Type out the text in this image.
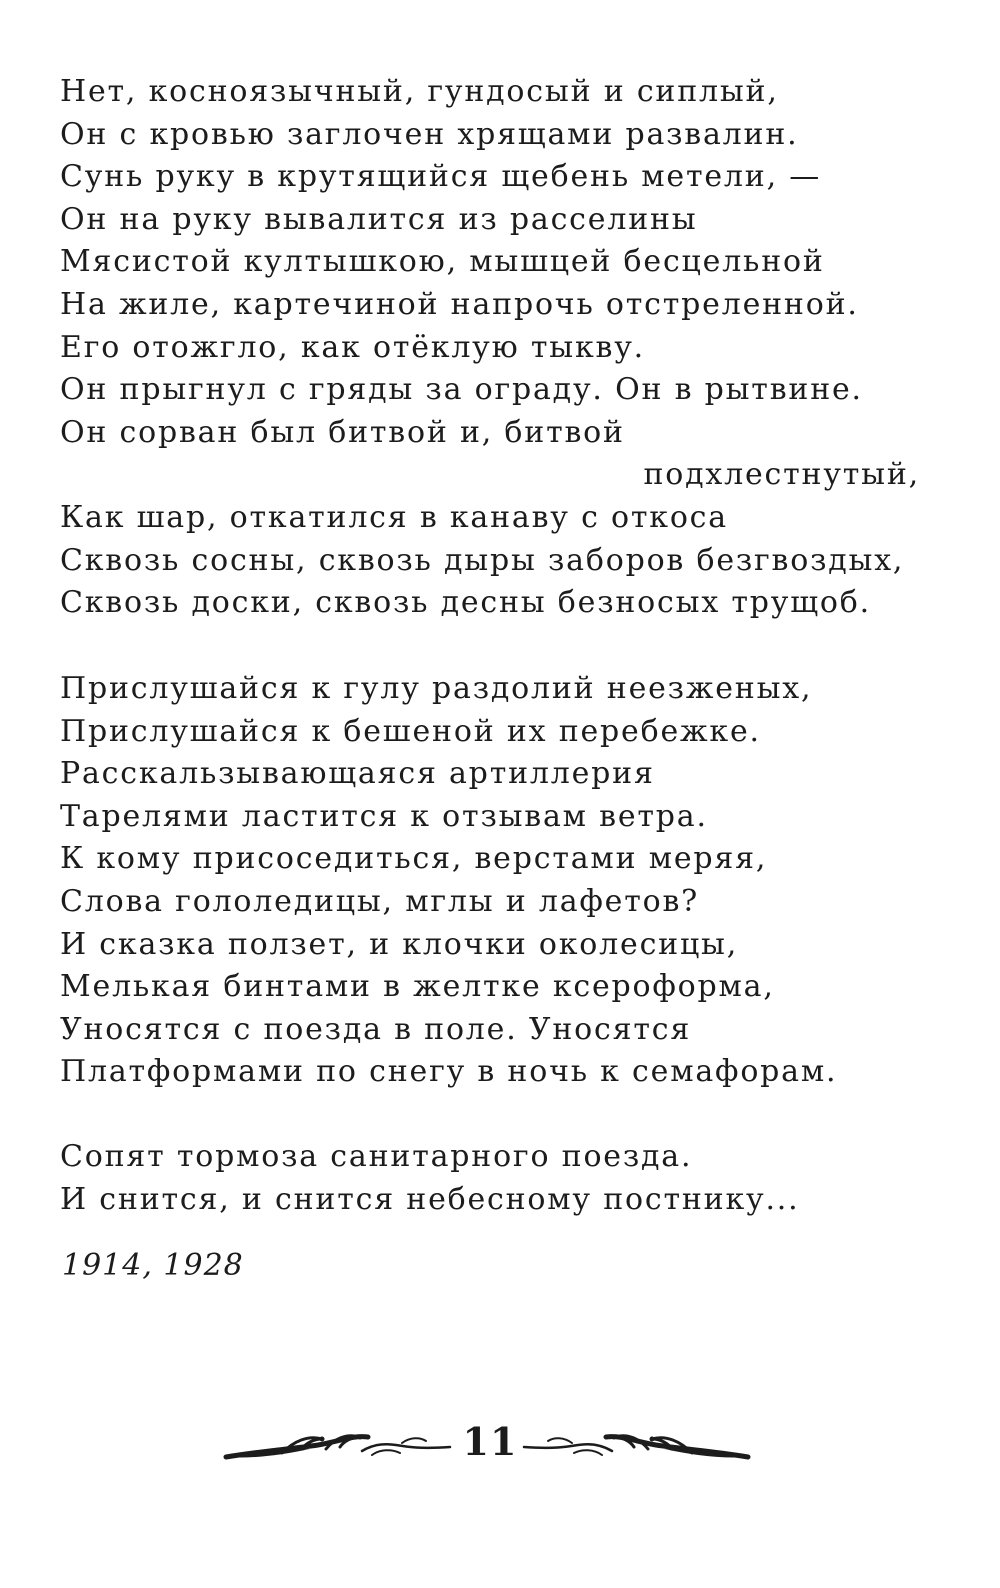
Нет, косноязычный, гундосый и сиплый,
Он с кровью заглочен хрящами развалин.
Сунь руку в крутящийся щебень метели, —
Он на руку вывалится из расселины
Мясистой култышкою, мышцей бесцельной
На жиле, картечиной напрочь отстреленной.
Его отожгло, как отёклую тыкву.
Он прыгнул с гряды за ограду. Он в рытвине.
Он сорван был битвой и, битвой
подхлестнутый,
Как шар, откатился в канаву с откоса
Сквозь сосны, сквозь дыры заборов безгвоздых,
Сквозь доски, сквозь десны безносых трущоб.
Прислушайся к гулу раздолий неезженых,
Прислушайся к бешеной их перебежке.
Расскальзывающаяся артиллерия
Тарелями ластится к отзывам ветра.
К кому присоседиться, верстами меряя,
Слова гололедицы, мглы и лафетов?
И сказка ползет, и клочки околесицы,
Мелькая бинтами в желтке ксероформа,
Уносятся с поезда в поле. Уносятся
Платформами по снегу в ночь к семафорам.
Сопят тормоза санитарного поезда.
И снится, и снится небесному постнику...
1914, 1928
11
